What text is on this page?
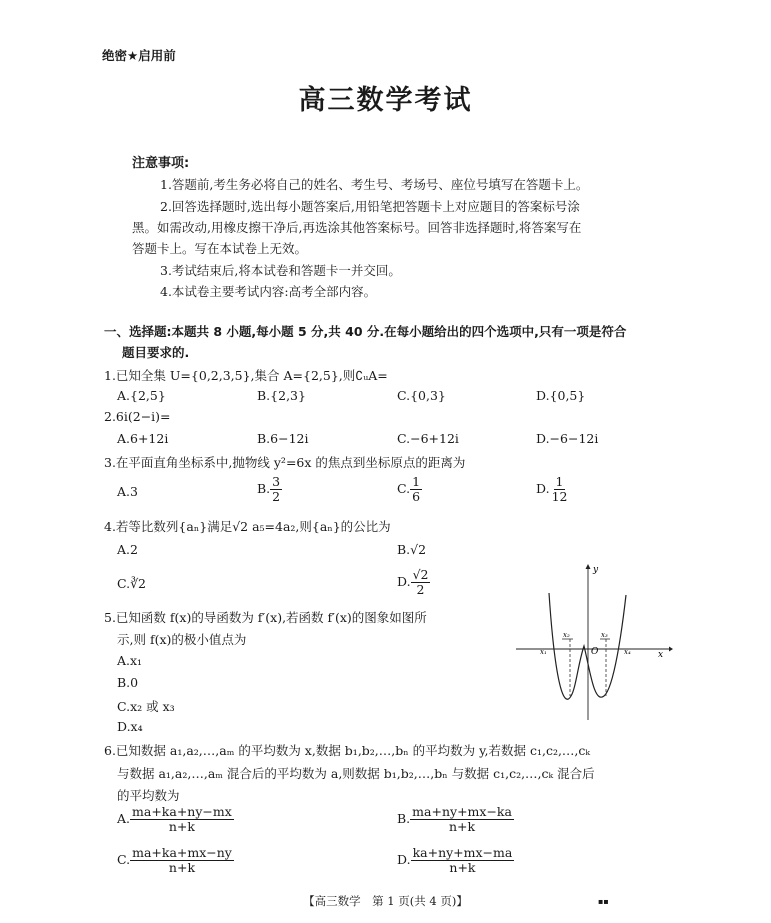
绝密★启用前
高三数学考试
注意事项:
1.答题前,考生务必将自己的姓名、考生号、考场号、座位号填写在答题卡上。
2.回答选择题时,选出每小题答案后,用铅笔把答题卡上对应题目的答案标号涂
黑。如需改动,用橡皮擦干净后,再选涂其他答案标号。回答非选择题时,将答案写在
答题卡上。写在本试卷上无效。
3.考试结束后,将本试卷和答题卡一并交回。
4.本试卷主要考试内容:高考全部内容。
一、选择题:本题共 8 小题,每小题 5 分,共 40 分.在每小题给出的四个选项中,只有一项是符合
题目要求的.
1.已知全集 U={0,2,3,5},集合 A={2,5},则∁ᵤA=
A.{2,5}	B.{2,3}	C.{0,3}	D.{0,5}
2.6i(2−i)=
A.6+12i	B.6−12i	C.−6+12i	D.−6−12i
3.在平面直角坐标系中,抛物线 y²=6x 的焦点到坐标原点的距离为
A.3	B. $\frac{3}{2}$	C. $\frac{1}{6}$	D. $\frac{1}{12}$
4.若等比数列{aₙ}满足√2 a₅=4a₂,则{aₙ}的公比为
A.2	B.√2
C.∛2	D. $\frac{√2}{2}$
5.已知函数 f(x)的导函数为 f′(x),若函数 f′(x)的图象如图所
示,则 f(x)的极小值点为
A.x₁
B.0
C.x₂ 或 x₃
D.x₄
y
x
O
x₁
x₂	x₃
x₄
6.已知数据 a₁,a₂,…,aₘ 的平均数为 x,数据 b₁,b₂,…,bₙ 的平均数为 y,若数据 c₁,c₂,…,cₖ
与数据 a₁,a₂,…,aₘ 混合后的平均数为 a,则数据 b₁,b₂,…,bₙ 与数据 c₁,c₂,…,cₖ 混合后
的平均数为
A. $\frac{ma+ka+ny-mx}{n+k}$	B. $\frac{ma+ny+mx-ka}{n+k}$
C. $\frac{ma+ka+mx-ny}{n+k}$	D. $\frac{ka+ny+mx-ma}{n+k}$
【高三数学　第 1 页(共 4 页)】	▪▪
